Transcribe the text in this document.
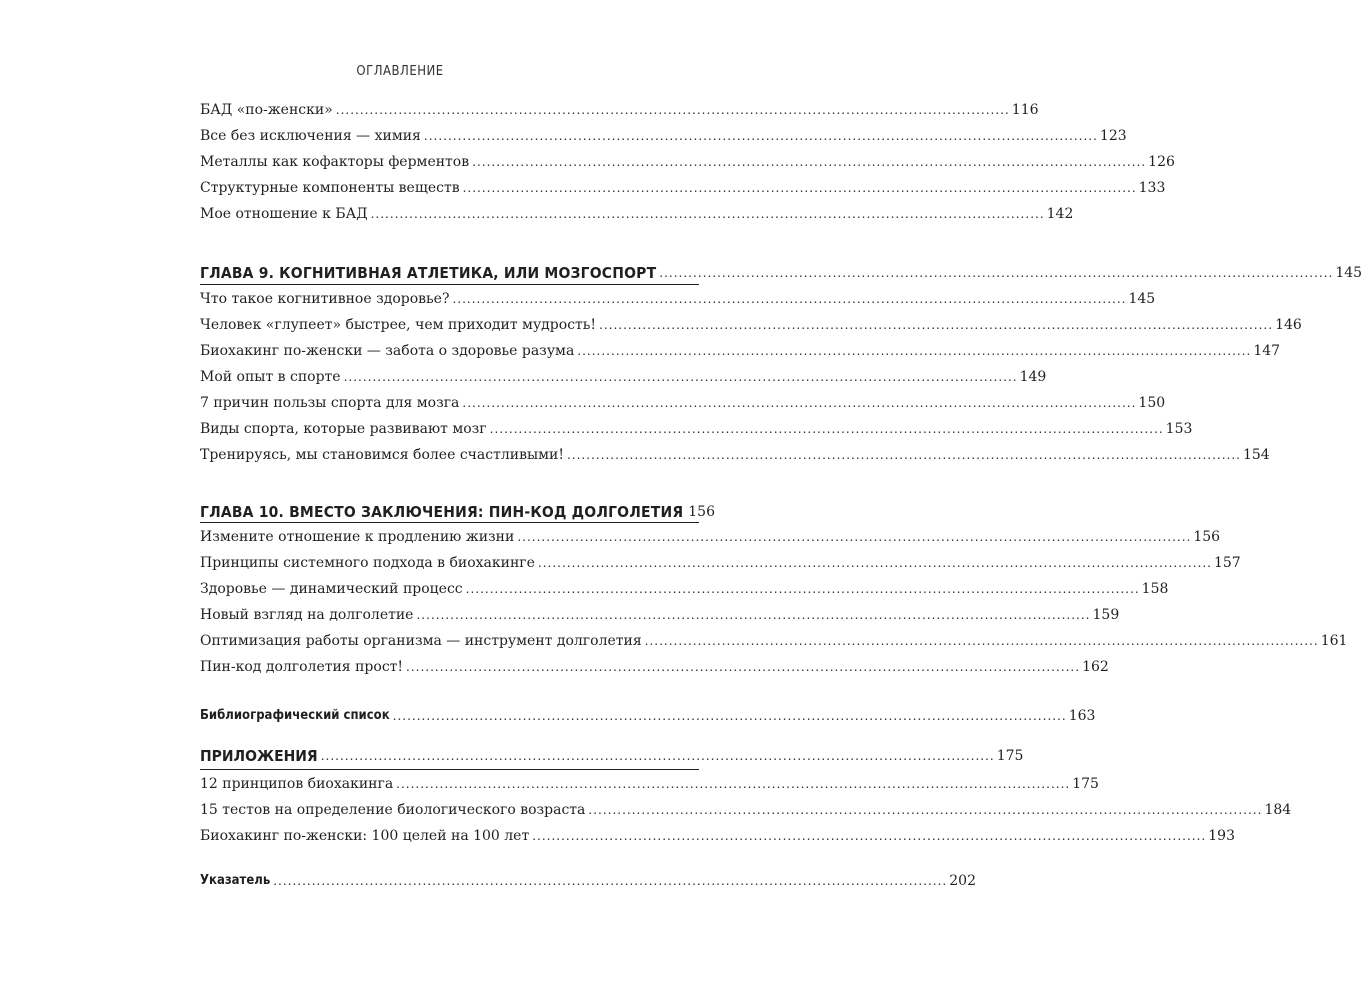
ОГЛАВЛЕНИЕ
БАД «по-женски» ............................................................................................................................................ 116
Все без исключения — химия ............................................................................................................................................ 123
Металлы как кофакторы ферментов ............................................................................................................................................ 126
Структурные компоненты веществ ............................................................................................................................................ 133
Мое отношение к БАД ............................................................................................................................................ 142
ГЛАВА 9. КОГНИТИВНАЯ АТЛЕТИКА, ИЛИ МОЗГОСПОРТ ............................................................................................................................................ 145
Что такое когнитивное здоровье? ............................................................................................................................................ 145
Человек «глупеет» быстрее, чем приходит мудрость! ............................................................................................................................................ 146
Биохакинг по-женски — забота о здоровье разума ............................................................................................................................................ 147
Мой опыт в спорте ............................................................................................................................................ 149
7 причин пользы спорта для мозга ............................................................................................................................................ 150
Виды спорта, которые развивают мозг ............................................................................................................................................ 153
Тренируясь, мы становимся более счастливыми! ............................................................................................................................................ 154
ГЛАВА 10. ВМЕСТО ЗАКЛЮЧЕНИЯ: ПИН-КОД ДОЛГОЛЕТИЯ 156
Измените отношение к продлению жизни ............................................................................................................................................ 156
Принципы системного подхода в биохакинге ............................................................................................................................................ 157
Здоровье — динамический процесс ............................................................................................................................................ 158
Новый взгляд на долголетие ............................................................................................................................................ 159
Оптимизация работы организма — инструмент долголетия ............................................................................................................................................ 161
Пин-код долголетия прост! ............................................................................................................................................ 162
Библиографический список ............................................................................................................................................ 163
ПРИЛОЖЕНИЯ ............................................................................................................................................ 175
12 принципов биохакинга ............................................................................................................................................ 175
15 тестов на определение биологического возраста ............................................................................................................................................ 184
Биохакинг по-женски: 100 целей на 100 лет ............................................................................................................................................ 193
Указатель ............................................................................................................................................ 202
